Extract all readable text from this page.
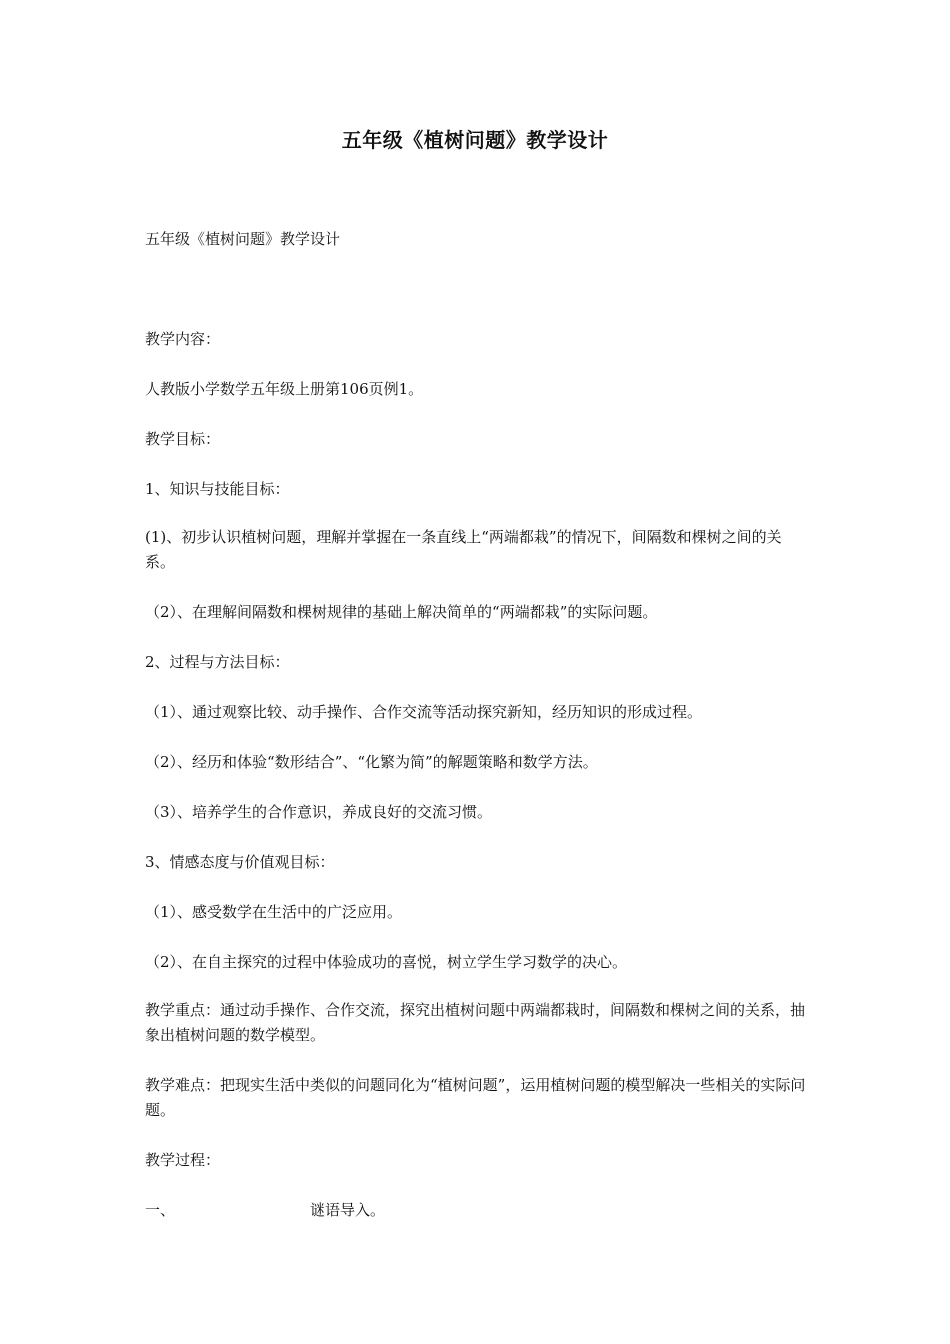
五年级《植树问题》教学设计
五年级《植树问题》教学设计
教学内容：
人教版小学数学五年级上册第106页例1。
教学目标：
1、知识与技能目标：
(1)、初步认识植树问题，理解并掌握在一条直线上“两端都栽”的情况下，间隔数和棵树之间的关系。
（2）、在理解间隔数和棵树规律的基础上解决简单的“两端都栽”的实际问题。
2、过程与方法目标：
（1）、通过观察比较、动手操作、合作交流等活动探究新知，经历知识的形成过程。
（2）、经历和体验“数形结合”、“化繁为简”的解题策略和数学方法。
（3）、培养学生的合作意识，养成良好的交流习惯。
3、情感态度与价值观目标：
（1）、感受数学在生活中的广泛应用。
（2）、在自主探究的过程中体验成功的喜悦，树立学生学习数学的决心。
教学重点：通过动手操作、合作交流，探究出植树问题中两端都栽时，间隔数和棵树之间的关系，抽象出植树问题的数学模型。
教学难点：把现实生活中类似的问题同化为“植树问题”，运用植树问题的模型解决一些相关的实际问题。
教学过程：
一、	谜语导入。
